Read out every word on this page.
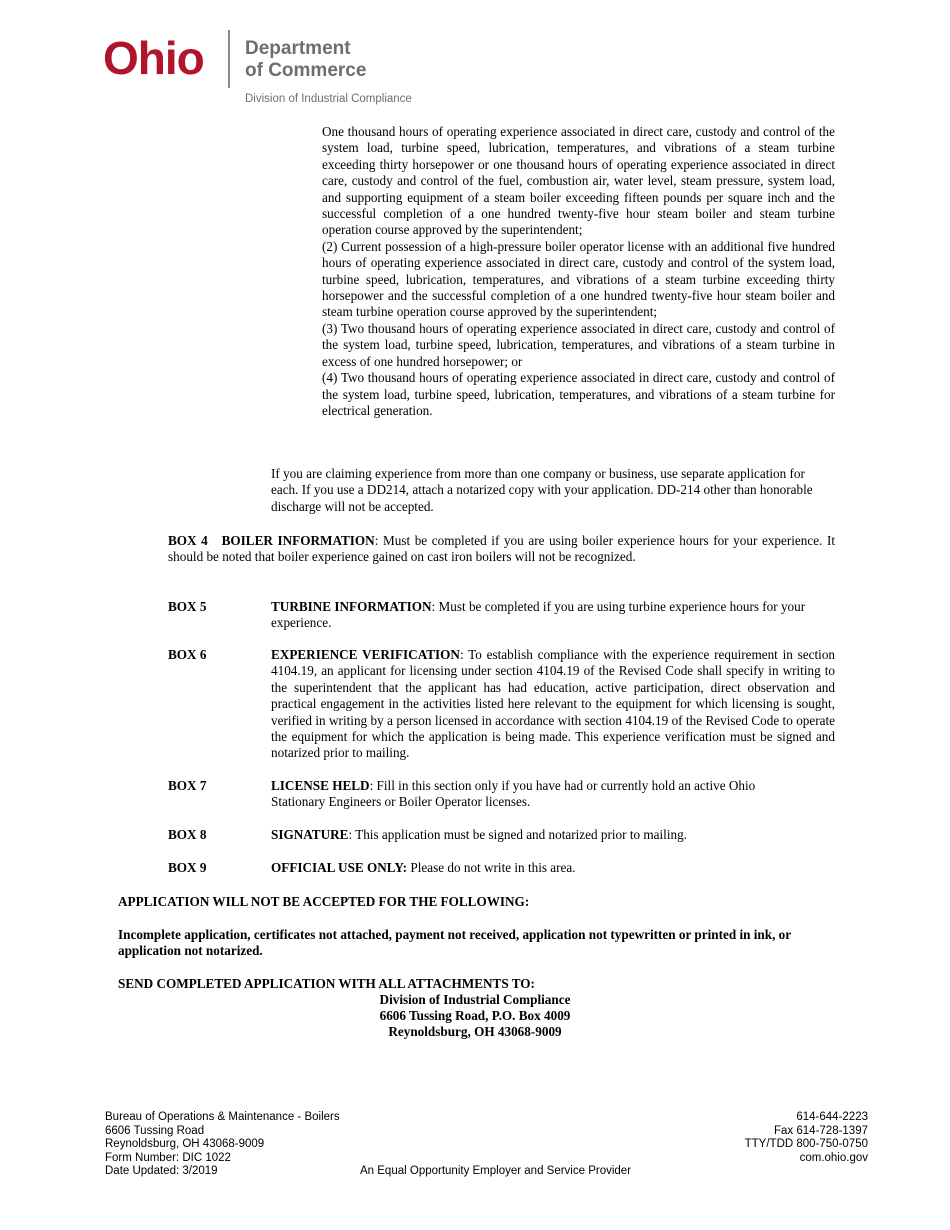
Ohio Department
of Commerce
Division of Industrial Compliance
One thousand hours of operating experience associated in direct care, custody and control of the system load, turbine speed, lubrication, temperatures, and vibrations of a steam turbine exceeding thirty horsepower or one thousand hours of operating experience associated in direct care, custody and control of the fuel, combustion air, water level, steam pressure, system load, and supporting equipment of a steam boiler exceeding fifteen pounds per square inch and the successful completion of a one hundred twenty-five hour steam boiler and steam turbine operation course approved by the superintendent;
(2) Current possession of a high-pressure boiler operator license with an additional five hundred hours of operating experience associated in direct care, custody and control of the system load, turbine speed, lubrication, temperatures, and vibrations of a steam turbine exceeding thirty horsepower and the successful completion of a one hundred twenty-five hour steam boiler and steam turbine operation course approved by the superintendent;
(3) Two thousand hours of operating experience associated in direct care, custody and control of the system load, turbine speed, lubrication, temperatures, and vibrations of a steam turbine in excess of one hundred horsepower; or
(4) Two thousand hours of operating experience associated in direct care, custody and control of the system load, turbine speed, lubrication, temperatures, and vibrations of a steam turbine for electrical generation.
If you are claiming experience from more than one company or business, use separate application for each. If you use a DD214, attach a notarized copy with your application. DD-214 other than honorable discharge will not be accepted.
BOX 4 BOILER INFORMATION: Must be completed if you are using boiler experience hours for your experience. It should be noted that boiler experience gained on cast iron boilers will not be recognized.
BOX 5	TURBINE INFORMATION: Must be completed if you are using turbine experience hours for your experience.
BOX 6	EXPERIENCE VERIFICATION: To establish compliance with the experience requirement in section 4104.19, an applicant for licensing under section 4104.19 of the Revised Code shall specify in writing to the superintendent that the applicant has had education, active participation, direct observation and practical engagement in the activities listed here relevant to the equipment for which licensing is sought, verified in writing by a person licensed in accordance with section 4104.19 of the Revised Code to operate the equipment for which the application is being made. This experience verification must be signed and notarized prior to mailing.
BOX 7	LICENSE HELD: Fill in this section only if you have had or currently hold an active Ohio Stationary Engineers or Boiler Operator licenses.
BOX 8	SIGNATURE: This application must be signed and notarized prior to mailing.
BOX 9	OFFICIAL USE ONLY: Please do not write in this area.
APPLICATION WILL NOT BE ACCEPTED FOR THE FOLLOWING:
Incomplete application, certificates not attached, payment not received, application not typewritten or printed in ink, or application not notarized.
SEND COMPLETED APPLICATION WITH ALL ATTACHMENTS TO:
Division of Industrial Compliance
6606 Tussing Road, P.O. Box 4009
Reynoldsburg, OH 43068-9009
Bureau of Operations & Maintenance - Boilers
6606 Tussing Road
Reynoldsburg, OH 43068-9009
Form Number: DIC 1022
Date Updated: 3/2019
614-644-2223
Fax 614-728-1397
TTY/TDD 800-750-0750
com.ohio.gov
An Equal Opportunity Employer and Service Provider
